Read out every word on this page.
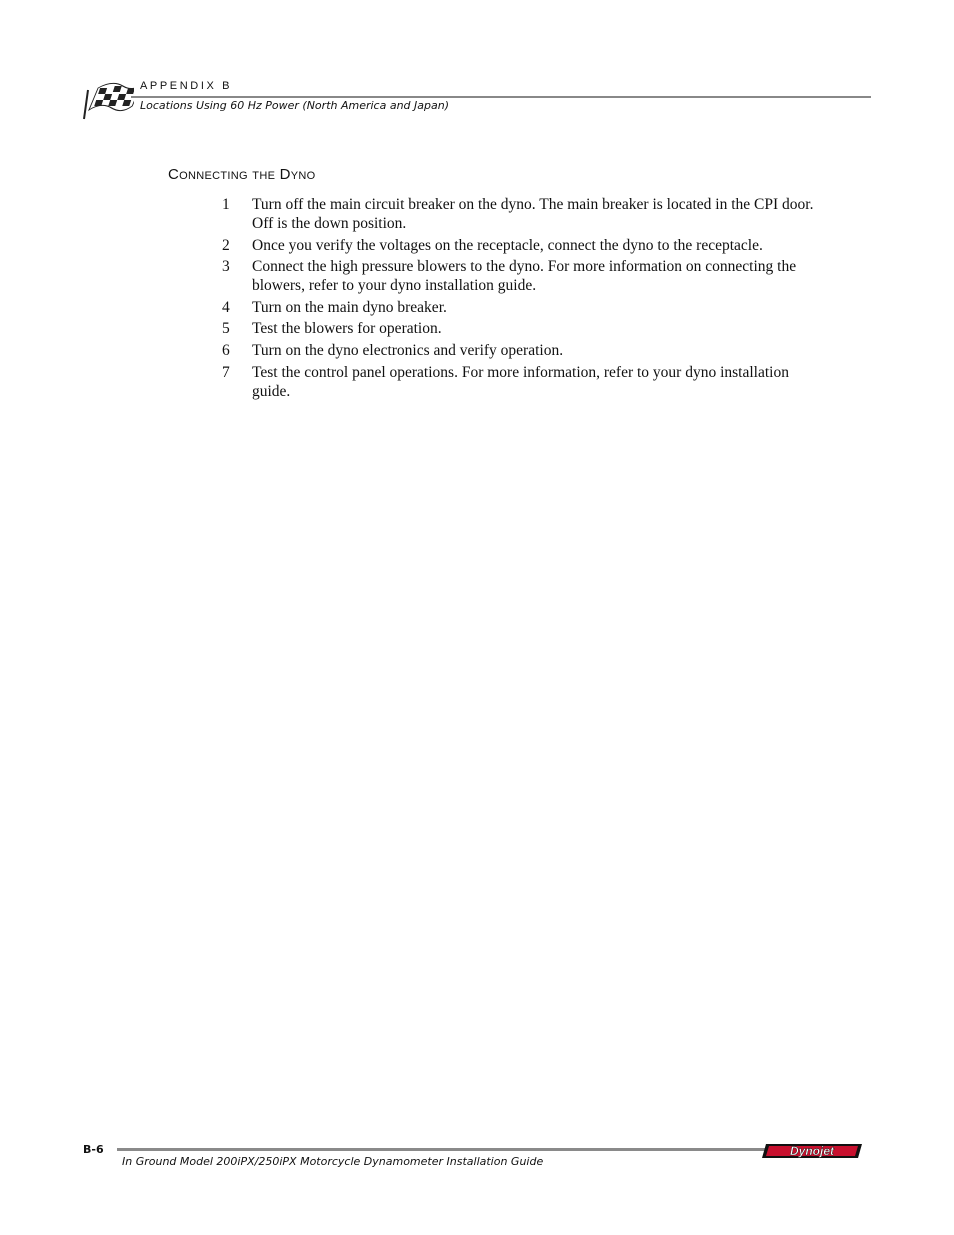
APPENDIX B
Locations Using 60 Hz Power (North America and Japan)
Connecting the Dyno
1	Turn off the main circuit breaker on the dyno. The main breaker is located in the CPI door. Off is the down position.
2	Once you verify the voltages on the receptacle, connect the dyno to the receptacle.
3	Connect the high pressure blowers to the dyno. For more information on connecting the blowers, refer to your dyno installation guide.
4	Turn on the main dyno breaker.
5	Test the blowers for operation.
6	Turn on the dyno electronics and verify operation.
7	Test the control panel operations. For more information, refer to your dyno installation guide.
B-6
In Ground Model 200iPX/250iPX Motorcycle Dynamometer Installation Guide
Dynojet
